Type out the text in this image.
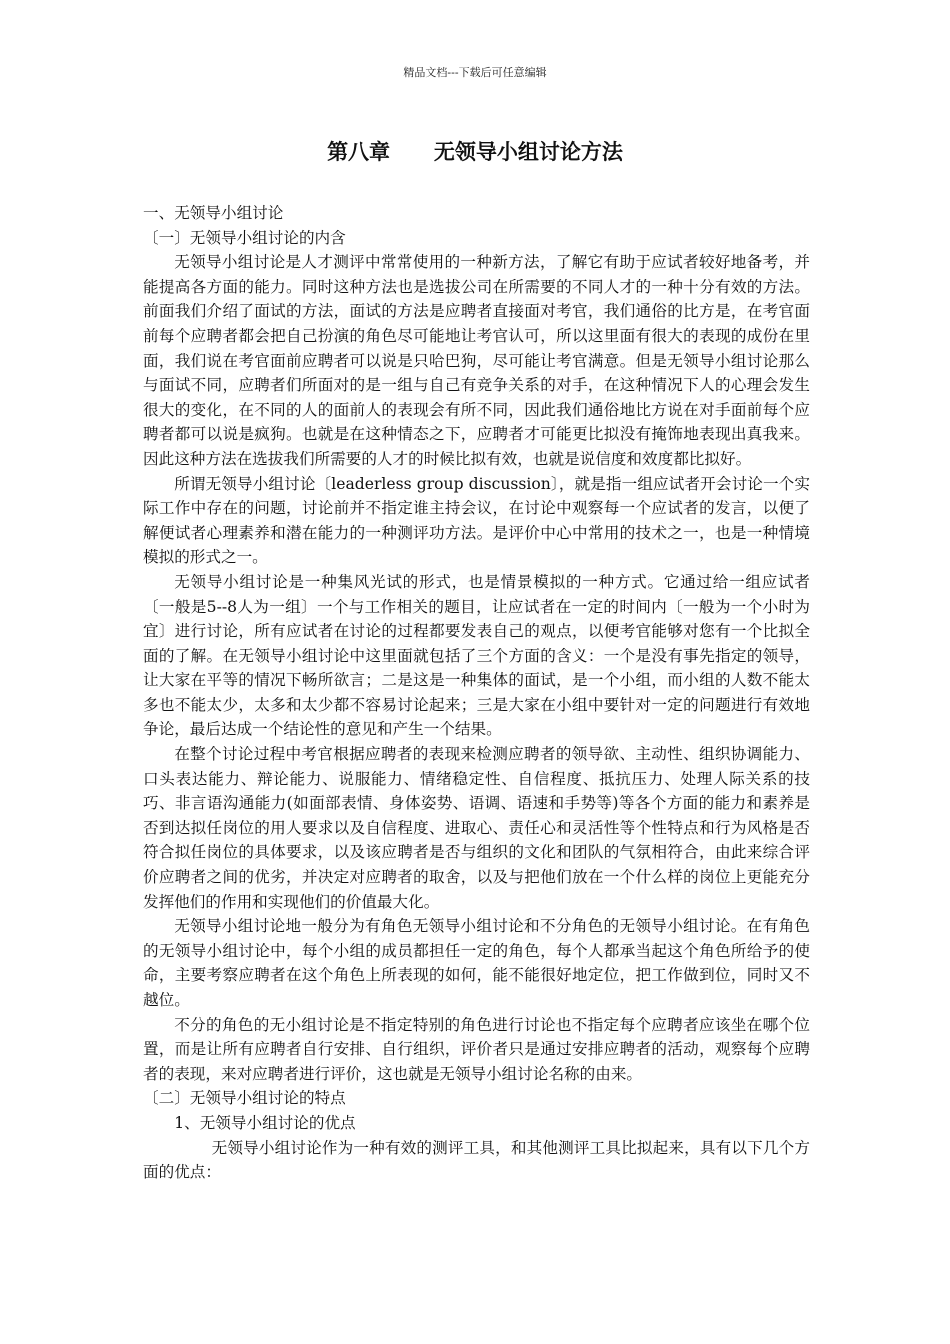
精品文档---下载后可任意编辑
第八章      无领导小组讨论方法

一、无领导小组讨论

〔一〕无领导小组讨论的内含

无领导小组讨论是人才测评中常常使用的一种新方法，了解它有助于应试者较好地备考，并能提高各方面的能力。同时这种方法也是选拔公司在所需要的不同人才的一种十分有效的方法。前面我们介绍了面试的方法，面试的方法是应聘者直接面对考官，我们通俗的比方是，在考官面前每个应聘者都会把自己扮演的角色尽可能地让考官认可，所以这里面有很大的表现的成份在里面，我们说在考官面前应聘者可以说是只哈巴狗，尽可能让考官满意。但是无领导小组讨论那么与面试不同，应聘者们所面对的是一组与自己有竞争关系的对手，在这种情况下人的心理会发生很大的变化，在不同的人的面前人的表现会有所不同，因此我们通俗地比方说在对手面前每个应聘者都可以说是疯狗。也就是在这种情态之下，应聘者才可能更比拟没有掩饰地表现出真我来。因此这种方法在选拔我们所需要的人才的时候比拟有效，也就是说信度和效度都比拟好。

所谓无领导小组讨论〔leaderless group discussion〕，就是指一组应试者开会讨论一个实际工作中存在的问题，讨论前并不指定谁主持会议，在讨论中观察每一个应试者的发言，以便了解便试者心理素养和潜在能力的一种测评功方法。是评价中心中常用的技术之一，也是一种情境模拟的形式之一。

无领导小组讨论是一种集风光试的形式，也是情景模拟的一种方式。它通过给一组应试者〔一般是5--8人为一组〕一个与工作相关的题目，让应试者在一定的时间内〔一般为一个小时为宜〕进行讨论，所有应试者在讨论的过程都要发表自己的观点，以便考官能够对您有一个比拟全面的了解。在无领导小组讨论中这里面就包括了三个方面的含义：一个是没有事先指定的领导，让大家在平等的情况下畅所欲言；二是这是一种集体的面试，是一个小组，而小组的人数不能太多也不能太少，太多和太少都不容易讨论起来；三是大家在小组中要针对一定的问题进行有效地争论，最后达成一个结论性的意见和产生一个结果。

在整个讨论过程中考官根据应聘者的表现来检测应聘者的领导欲、主动性、组织协调能力、口头表达能力、辩论能力、说服能力、情绪稳定性、自信程度、抵抗压力、处理人际关系的技巧、非言语沟通能力(如面部表情、身体姿势、语调、语速和手势等)等各个方面的能力和素养是否到达拟任岗位的用人要求以及自信程度、进取心、责任心和灵活性等个性特点和行为风格是否符合拟任岗位的具体要求，以及该应聘者是否与组织的文化和团队的气氛相符合，由此来综合评价应聘者之间的优劣，并决定对应聘者的取舍，以及与把他们放在一个什么样的岗位上更能充分发挥他们的作用和实现他们的价值最大化。

无领导小组讨论地一般分为有角色无领导小组讨论和不分角色的无领导小组讨论。在有角色的无领导小组讨论中，每个小组的成员都担任一定的角色，每个人都承当起这个角色所给予的使命，主要考察应聘者在这个角色上所表现的如何，能不能很好地定位，把工作做到位，同时又不越位。

不分的角色的无小组讨论是不指定特别的角色进行讨论也不指定每个应聘者应该坐在哪个位置，而是让所有应聘者自行安排、自行组织，评价者只是通过安排应聘者的活动，观察每个应聘者的表现，来对应聘者进行评价，这也就是无领导小组讨论名称的由来。

〔二〕无领导小组讨论的特点

1、无领导小组讨论的优点

无领导小组讨论作为一种有效的测评工具，和其他测评工具比拟起来，具有以下几个方面的优点：
